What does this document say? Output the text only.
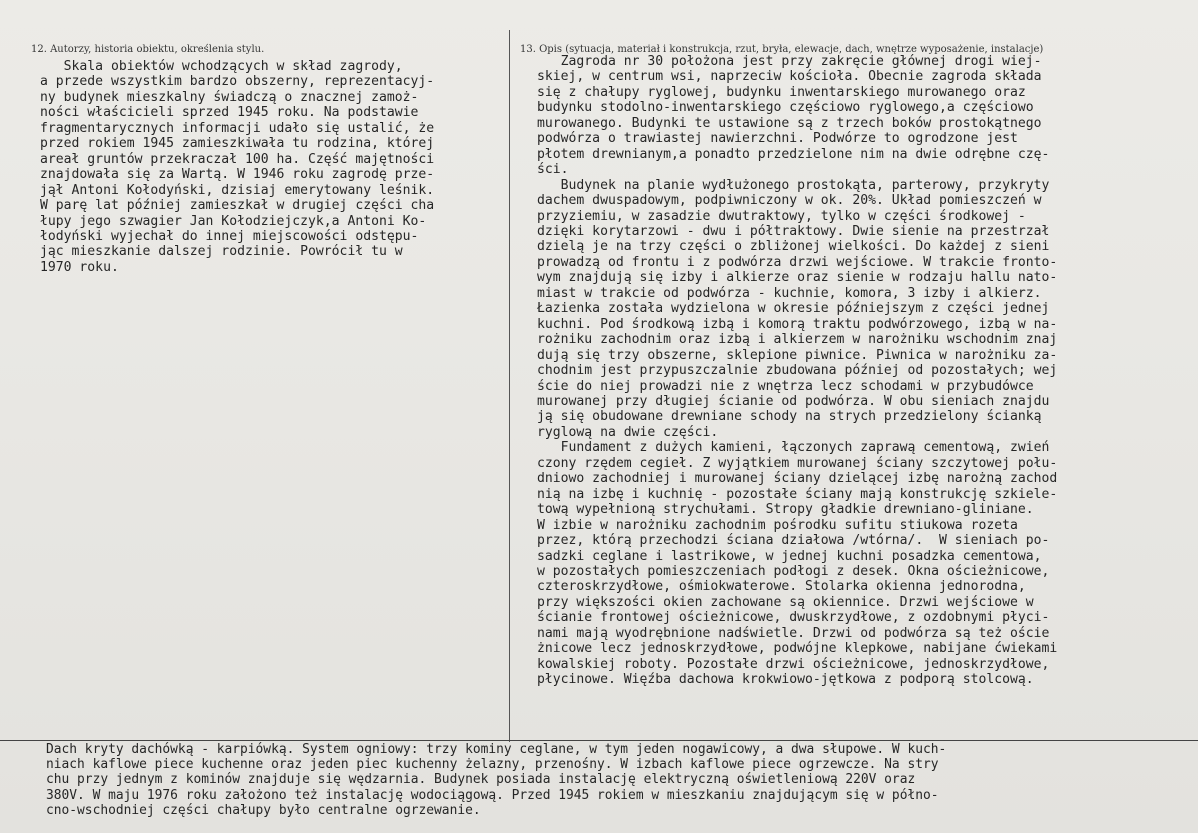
12. Autorzy, historia obiektu, określenia stylu.	13. Opis (sytuacja, materiał i konstrukcja, rzut, bryła, elewacje, dach, wnętrze wyposażenie, instalacje)
Skala obiektów wchodzących w skład zagrody,
a przede wszystkim bardzo obszerny, reprezentacyj-
ny budynek mieszkalny świadczą o znacznej zamoż-
ności właścicieli sprzed 1945 roku. Na podstawie
fragmentarycznych informacji udało się ustalić, że
przed rokiem 1945 zamieszkiwała tu rodzina, której
areał gruntów przekraczał 100 ha. Część majętności
znajdowała się za Wartą. W 1946 roku zagrodę prze-
jął Antoni Kołodyński, dzisiaj emerytowany leśnik.
W parę lat później zamieszkał w drugiej części cha
łupy jego szwagier Jan Kołodziejczyk,a Antoni Ko-
łodyński wyjechał do innej miejscowości odstępu-
jąc mieszkanie dalszej rodzinie. Powrócił tu w
1970 roku.
Zagroda nr 30 położona jest przy zakręcie głównej drogi wiej-
skiej, w centrum wsi, naprzeciw kościoła. Obecnie zagroda składa
się z chałupy ryglowej, budynku inwentarskiego murowanego oraz
budynku stodolno-inwentarskiego częściowo ryglowego,a częściowo
murowanego. Budynki te ustawione są z trzech boków prostokątnego
podwórza o trawiastej nawierzchni. Podwórze to ogrodzone jest
płotem drewnianym,a ponadto przedzielone nim na dwie odrębne czę-
ści.
Budynek na planie wydłużonego prostokąta, parterowy, przykryty
dachem dwuspadowym, podpiwniczony w ok. 20%. Układ pomieszczeń w
przyziemiu, w zasadzie dwutraktowy, tylko w części środkowej -
dzięki korytarzowi - dwu i półtraktowy. Dwie sienie na przestrzał
dzielą je na trzy części o zbliżonej wielkości. Do każdej z sieni
prowadzą od frontu i z podwórza drzwi wejściowe. W trakcie fronto-
wym znajdują się izby i alkierze oraz sienie w rodzaju hallu nato-
miast w trakcie od podwórza - kuchnie, komora, 3 izby i alkierz.
Łazienka została wydzielona w okresie późniejszym z części jednej
kuchni. Pod środkową izbą i komorą traktu podwórzowego, izbą w na-
rożniku zachodnim oraz izbą i alkierzem w narożniku wschodnim znaj
dują się trzy obszerne, sklepione piwnice. Piwnica w narożniku za-
chodnim jest przypuszczalnie zbudowana później od pozostałych; wej
ście do niej prowadzi nie z wnętrza lecz schodami w przybudówce
murowanej przy długiej ścianie od podwórza. W obu sieniach znajdu
ją się obudowane drewniane schody na strych przedzielony ścianką
ryglową na dwie części.
Fundament z dużych kamieni, łączonych zaprawą cementową, zwień
czony rzędem cegieł. Z wyjątkiem murowanej ściany szczytowej połu-
dniowo zachodniej i murowanej ściany dzielącej izbę narożną zachod
nią na izbę i kuchnię - pozostałe ściany mają konstrukcję szkiele-
tową wypełnioną strychułami. Stropy gładkie drewniano-gliniane.
W izbie w narożniku zachodnim pośrodku sufitu stiukowa rozeta
przez, którą przechodzi ściana działowa /wtórna/.  W sieniach po-
sadzki ceglane i lastrikowe, w jednej kuchni posadzka cementowa,
w pozostałych pomieszczeniach podłogi z desek. Okna ościeżnicowe,
czteroskrzydłowe, ośmiokwaterowe. Stolarka okienna jednorodna,
przy większości okien zachowane są okiennice. Drzwi wejściowe w
ścianie frontowej ościeżnicowe, dwuskrzydłowe, z ozdobnymi płyci-
nami mają wyodrębnione nadświetle. Drzwi od podwórza są też oście
żnicowe lecz jednoskrzydłowe, podwójne klepkowe, nabijane ćwiekami
kowalskiej roboty. Pozostałe drzwi ościeżnicowe, jednoskrzydłowe,
płycinowe. Więźba dachowa krokwiowo-jętkowa z podporą stolcową.
Dach kryty dachówką - karpiówką. System ogniowy: trzy kominy ceglane, w tym jeden nogawicowy, a dwa słupowe. W kuch-
niach kaflowe piece kuchenne oraz jeden piec kuchenny żelazny, przenośny. W izbach kaflowe piece ogrzewcze. Na stry
chu przy jednym z kominów znajduje się wędzarnia. Budynek posiada instalację elektryczną oświetleniową 220V oraz
380V. W maju 1976 roku założono też instalację wodociągową. Przed 1945 rokiem w mieszkaniu znajdującym się w półno-
cno-wschodniej części chałupy było centralne ogrzewanie.
